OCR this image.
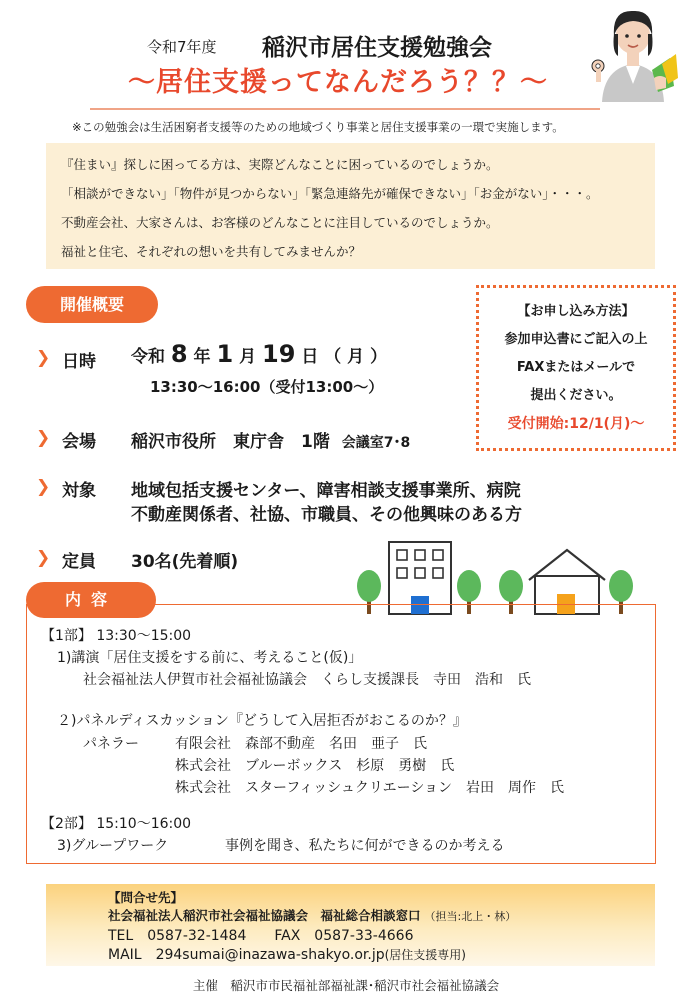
令和7年度 稲沢市居住支援勉強会
～居住支援ってなんだろう？？～
※この勉強会は生活困窮者支援等のための地域づくり事業と居住支援事業の一環で実施します。
『住まい』探しに困ってる方は、実際どんなことに困っているのでしょうか。
「相談ができない」「物件が見つからない」「緊急連絡先が確保できない」「お金がない」・・・。
不動産会社、大家さんは、お客様のどんなことに注目しているのでしょうか。
福祉と住宅、それぞれの想いを共有してみませんか？
開催概要	【お申し込み方法】
参加申込書にご記入の上
FAXまたはメールで
提出ください。
受付開始:12/1(月)～
❯ 日時 令和 8 年 1 月 19 日 （ 月 ）
13:30～16:00（受付13:00～）
❯ 会場 稲沢市役所　東庁舎　1階 会議室7･8
❯ 対象 地域包括支援センター、障害相談支援事業所、病院
不動産関係者、社協、市職員、その他興味のある方
❯ 定員 30名(先着順)
【1部】 13:30～15:00
1)講演「居住支援をする前に、考えること(仮)」
社会福祉法人伊賀市社会福祉協議会　くらし支援課長　寺田　浩和　氏
２)パネルディスカッション『どうして入居拒否がおこるのか？』
パネラー	有限会社　森部不動産　名田　亜子　氏
株式会社　ブルーボックス　杉原　勇樹　氏
株式会社　スターフィッシュクリエーション　岩田　周作　氏
【2部】 15:10～16:00
3)グループワーク	事例を聞き、私たちに何ができるのか考える
内容
【問合せ先】
社会福祉法人稲沢市社会福祉協議会　福祉総合相談窓口 （担当:北上・林）
TEL　0587-32-1484　　FAX　0587-33-4666
MAIL　294sumai@inazawa-shakyo.or.jp(居住支援専用)
主催　稲沢市市民福祉部福祉課･稲沢市社会福祉協議会
